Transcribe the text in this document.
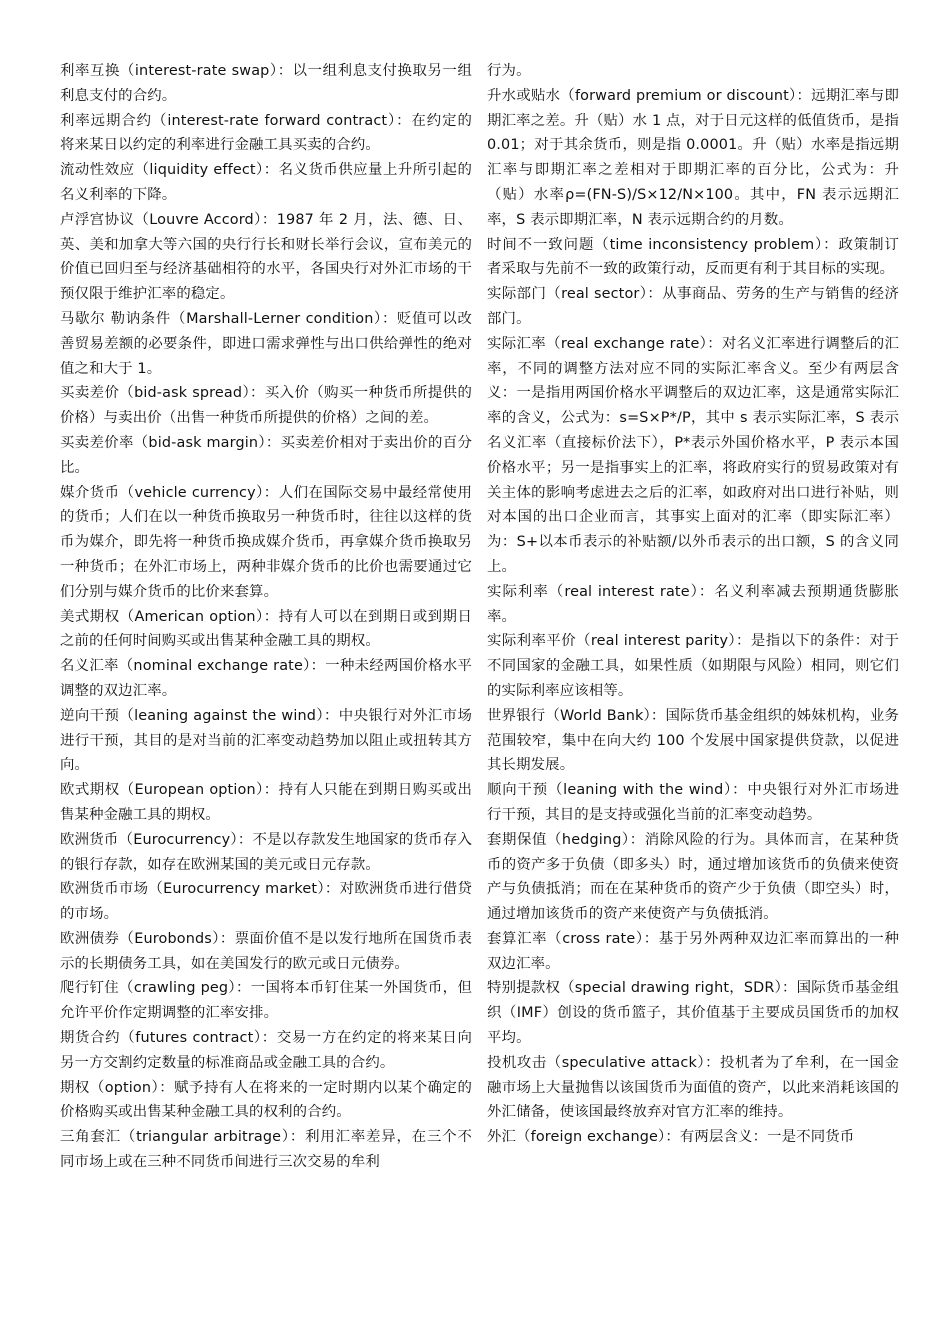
利率互换（interest-rate swap）：以一组利息支付换取另一组利息支付的合约。

利率远期合约（interest-rate forward contract）：在约定的将来某日以约定的利率进行金融工具买卖的合约。

流动性效应（liquidity effect）：名义货币供应量上升所引起的名义利率的下降。

卢浮宫协议（Louvre Accord）：1987 年 2 月，法、德、日、英、美和加拿大等六国的央行行长和财长举行会议，宣布美元的价值已回归至与经济基础相符的水平，各国央行对外汇市场的干预仅限于维护汇率的稳定。

马歇尔 勒讷条件（Marshall-Lerner condition）：贬值可以改善贸易差额的必要条件，即进口需求弹性与出口供给弹性的绝对值之和大于 1。

买卖差价（bid-ask spread）：买入价（购买一种货币所提供的价格）与卖出价（出售一种货币所提供的价格）之间的差。

买卖差价率（bid-ask margin）：买卖差价相对于卖出价的百分比。

媒介货币（vehicle currency）：人们在国际交易中最经常使用的货币；人们在以一种货币换取另一种货币时，往往以这样的货币为媒介，即先将一种货币换成媒介货币，再拿媒介货币换取另一种货币；在外汇市场上，两种非媒介货币的比价也需要通过它们分别与媒介货币的比价来套算。

美式期权（American option）：持有人可以在到期日或到期日之前的任何时间购买或出售某种金融工具的期权。

名义汇率（nominal exchange rate）：一种未经两国价格水平调整的双边汇率。

逆向干预（leaning against the wind）：中央银行对外汇市场进行干预，其目的是对当前的汇率变动趋势加以阻止或扭转其方向。

欧式期权（European option）：持有人只能在到期日购买或出售某种金融工具的期权。

欧洲货币（Eurocurrency）：不是以存款发生地国家的货币存入的银行存款，如存在欧洲某国的美元或日元存款。

欧洲货币市场（Eurocurrency market）：对欧洲货币进行借贷的市场。

欧洲债券（Eurobonds）：票面价值不是以发行地所在国货币表示的长期债务工具，如在美国发行的欧元或日元债券。

爬行钉住（crawling peg）：一国将本币钉住某一外国货币，但允许平价作定期调整的汇率安排。

期货合约（futures contract）：交易一方在约定的将来某日向另一方交割约定数量的标准商品或金融工具的合约。

期权（option）：赋予持有人在将来的一定时期内以某个确定的价格购买或出售某种金融工具的权利的合约。

三角套汇（triangular arbitrage）：利用汇率差异，在三个不同市场上或在三种不同货币间进行三次交易的牟利

行为。

升水或贴水（forward premium or discount）：远期汇率与即期汇率之差。升（贴）水 1 点，对于日元这样的低值货币，是指 0.01；对于其余货币，则是指 0.0001。升（贴）水率是指远期汇率与即期汇率之差相对于即期汇率的百分比，公式为：升（贴）水率ρ=(FN-S)/S×12/N×100。其中，FN 表示远期汇率，S 表示即期汇率，N 表示远期合约的月数。

时间不一致问题（time inconsistency problem）：政策制订者采取与先前不一致的政策行动，反而更有利于其目标的实现。

实际部门（real sector）：从事商品、劳务的生产与销售的经济部门。

实际汇率（real exchange rate）：对名义汇率进行调整后的汇率，不同的调整方法对应不同的实际汇率含义。至少有两层含义：一是指用两国价格水平调整后的双边汇率，这是通常实际汇率的含义，公式为：s=S×P*/P，其中 s 表示实际汇率，S 表示名义汇率（直接标价法下），P*表示外国价格水平，P 表示本国价格水平；另一是指事实上的汇率，将政府实行的贸易政策对有关主体的影响考虑进去之后的汇率，如政府对出口进行补贴，则对本国的出口企业而言，其事实上面对的汇率（即实际汇率）为：S+以本币表示的补贴额/以外币表示的出口额，S 的含义同上。

实际利率（real interest rate）：名义利率减去预期通货膨胀率。

实际利率平价（real interest parity）：是指以下的条件：对于不同国家的金融工具，如果性质（如期限与风险）相同，则它们的实际利率应该相等。

世界银行（World Bank）：国际货币基金组织的姊妹机构，业务范围较窄，集中在向大约 100 个发展中国家提供贷款，以促进其长期发展。

顺向干预（leaning with the wind）：中央银行对外汇市场进行干预，其目的是支持或强化当前的汇率变动趋势。

套期保值（hedging）：消除风险的行为。具体而言，在某种货币的资产多于负债（即多头）时，通过增加该货币的负债来使资产与负债抵消；而在在某种货币的资产少于负债（即空头）时，通过增加该货币的资产来使资产与负债抵消。

套算汇率（cross rate）：基于另外两种双边汇率而算出的一种双边汇率。

特别提款权（special drawing right，SDR）：国际货币基金组织（IMF）创设的货币篮子，其价值基于主要成员国货币的加权平均。

投机攻击（speculative attack）：投机者为了牟利，在一国金融市场上大量抛售以该国货币为面值的资产，以此来消耗该国的外汇储备，使该国最终放弃对官方汇率的维持。

外汇（foreign exchange）：有两层含义：一是不同货币
